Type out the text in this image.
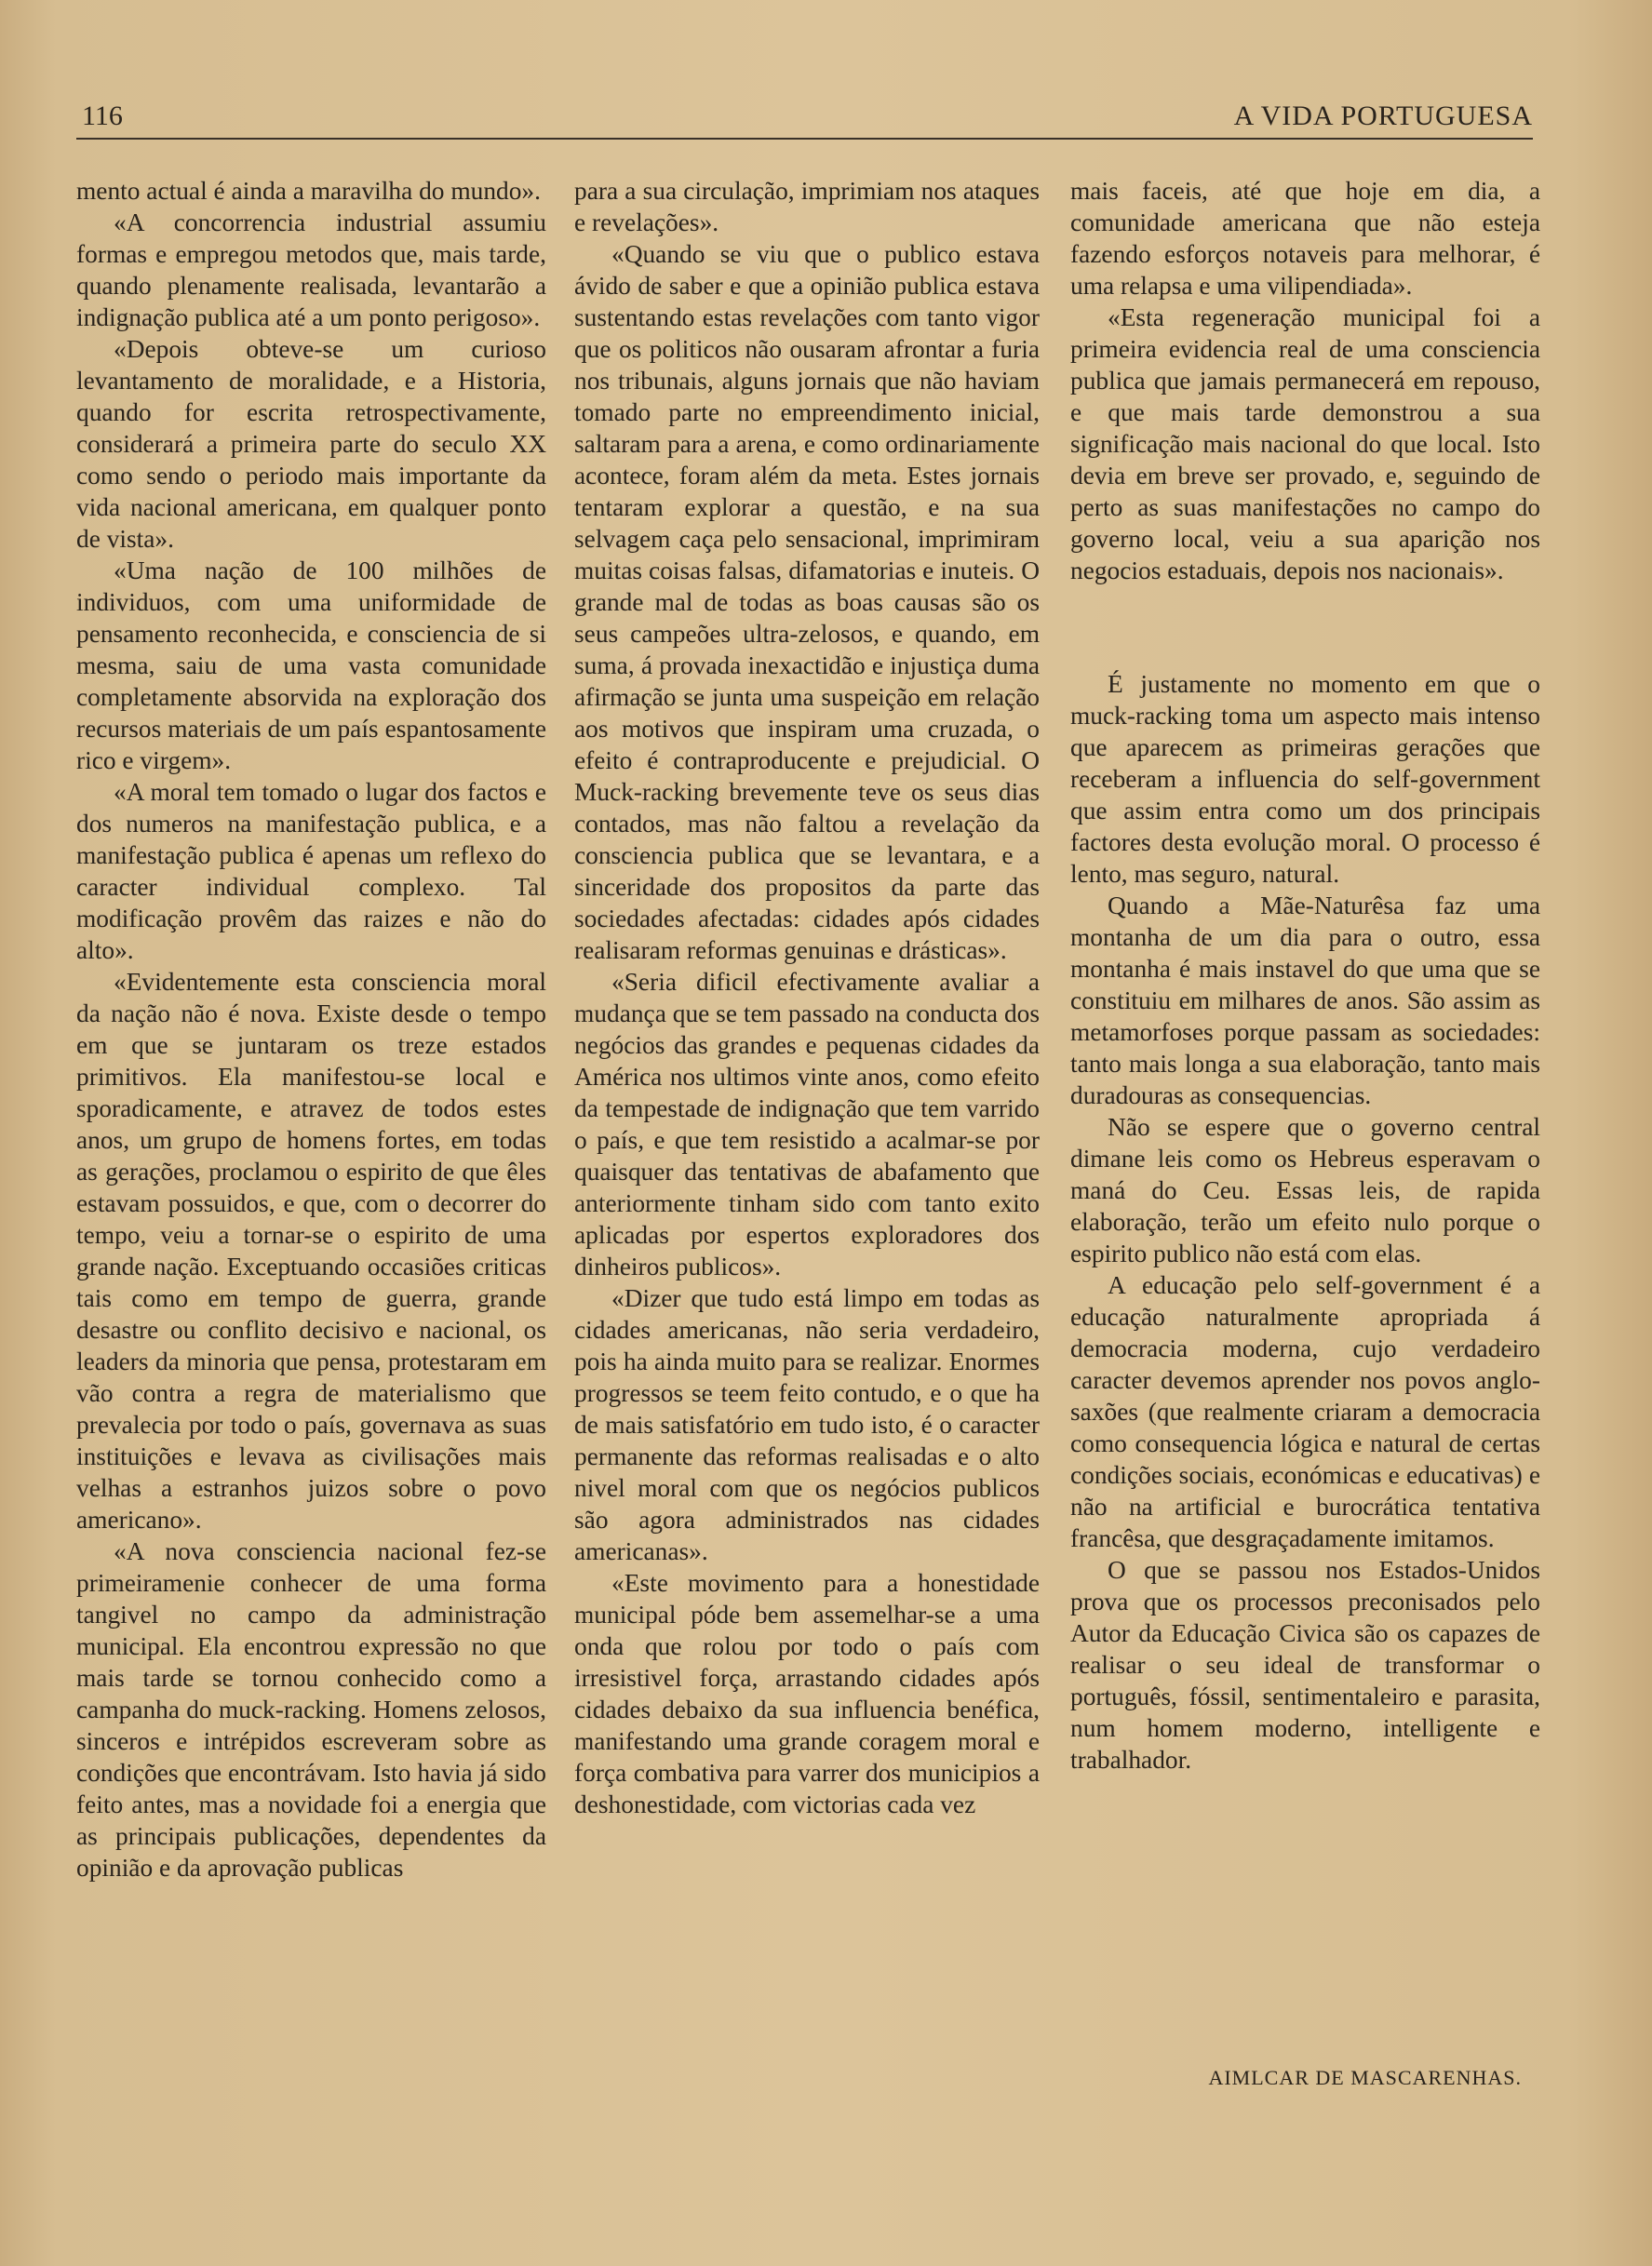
116	A VIDA PORTUGUESA

mento actual é ainda a maravilha do mundo».

«A concorrencia industrial assumiu formas e empregou metodos que, mais tarde, quando plenamente realisada, levantarão a indignação publica até a um ponto perigoso».

«Depois obteve-se um curioso levantamento de moralidade, e a Historia, quando for escrita retrospectivamente, considerará a primeira parte do seculo XX como sendo o periodo mais importante da vida nacional americana, em qualquer ponto de vista».

«Uma nação de 100 milhões de individuos, com uma uniformidade de pensamento reconhecida, e consciencia de si mesma, saiu de uma vasta comunidade completamente absorvida na exploração dos recursos materiais de um país espantosamente rico e virgem».

«A moral tem tomado o lugar dos factos e dos numeros na manifestação publica, e a manifestação publica é apenas um reflexo do caracter individual complexo. Tal modificação provêm das raizes e não do alto».

«Evidentemente esta consciencia moral da nação não é nova. Existe desde o tempo em que se juntaram os treze estados primitivos. Ela manifestou-se local e sporadicamente, e atravez de todos estes anos, um grupo de homens fortes, em todas as gerações, proclamou o espirito de que êles estavam possuidos, e que, com o decorrer do tempo, veiu a tornar-se o espirito de uma grande nação. Exceptuando occasiões criticas tais como em tempo de guerra, grande desastre ou conflito decisivo e nacional, os leaders da minoria que pensa, protestaram em vão contra a regra de materialismo que prevalecia por todo o país, governava as suas instituições e levava as civilisações mais velhas a estranhos juizos sobre o povo americano».

«A nova consciencia nacional fez-se primeiramenie conhecer de uma forma tangivel no campo da administração municipal. Ela encontrou expressão no que mais tarde se tornou conhecido como a campanha do muck-racking. Homens zelosos, sinceros e intrépidos escreveram sobre as condições que encontrávam. Isto havia já sido feito antes, mas a novidade foi a energia que as principais publicações, dependentes da opinião e da aprovação publicas

para a sua circulação, imprimiam nos ataques e revelações».

«Quando se viu que o publico estava ávido de saber e que a opinião publica estava sustentando estas revelações com tanto vigor que os politicos não ousaram afrontar a furia nos tribunais, alguns jornais que não haviam tomado parte no empreendimento inicial, saltaram para a arena, e como ordinariamente acontece, foram além da meta. Estes jornais tentaram explorar a questão, e na sua selvagem caça pelo sensacional, imprimiram muitas coisas falsas, difamatorias e inuteis. O grande mal de todas as boas causas são os seus campeões ultra-zelosos, e quando, em suma, á provada inexactidão e injustiça duma afirmação se junta uma suspeição em relação aos motivos que inspiram uma cruzada, o efeito é contraproducente e prejudicial. O Muck-racking brevemente teve os seus dias contados, mas não faltou a revelação da consciencia publica que se levantara, e a sinceridade dos propositos da parte das sociedades afectadas: cidades após cidades realisaram reformas genuinas e drásticas».

«Seria dificil efectivamente avaliar a mudança que se tem passado na conducta dos negócios das grandes e pequenas cidades da América nos ultimos vinte anos, como efeito da tempestade de indignação que tem varrido o país, e que tem resistido a acalmar-se por quaisquer das tentativas de abafamento que anteriormente tinham sido com tanto exito aplicadas por espertos exploradores dos dinheiros publicos».

«Dizer que tudo está limpo em todas as cidades americanas, não seria verdadeiro, pois ha ainda muito para se realizar. Enormes progressos se teem feito contudo, e o que ha de mais satisfatório em tudo isto, é o caracter permanente das reformas realisadas e o alto nivel moral com que os negócios publicos são agora administrados nas cidades americanas».

«Este movimento para a honestidade municipal póde bem assemelhar-se a uma onda que rolou por todo o país com irresistivel força, arrastando cidades após cidades debaixo da sua influencia benéfica, manifestando uma grande coragem moral e força combativa para varrer dos municipios a deshonestidade, com victorias cada vez

mais faceis, até que hoje em dia, a comunidade americana que não esteja fazendo esforços notaveis para melhorar, é uma relapsa e uma vilipendiada».

«Esta regeneração municipal foi a primeira evidencia real de uma consciencia publica que jamais permanecerá em repouso, e que mais tarde demonstrou a sua significação mais nacional do que local. Isto devia em breve ser provado, e, seguindo de perto as suas manifestações no campo do governo local, veiu a sua aparição nos negocios estaduais, depois nos nacionais».

É justamente no momento em que o muck-racking toma um aspecto mais intenso que aparecem as primeiras gerações que receberam a influencia do self-government que assim entra como um dos principais factores desta evolução moral. O processo é lento, mas seguro, natural.

Quando a Mãe-Naturêsa faz uma montanha de um dia para o outro, essa montanha é mais instavel do que uma que se constituiu em milhares de anos. São assim as metamorfoses porque passam as sociedades: tanto mais longa a sua elaboração, tanto mais duradouras as consequencias.

Não se espere que o governo central dimane leis como os Hebreus esperavam o maná do Ceu. Essas leis, de rapida elaboração, terão um efeito nulo porque o espirito publico não está com elas.

A educação pelo self-government é a educação naturalmente apropriada á democracia moderna, cujo verdadeiro caracter devemos aprender nos povos anglo-saxões (que realmente criaram a democracia como consequencia lógica e natural de certas condições sociais, económicas e educativas) e não na artificial e burocrática tentativa francêsa, que desgraçadamente imitamos.

O que se passou nos Estados-Unidos prova que os processos preconisados pelo Autor da Educação Civica são os capazes de realisar o seu ideal de transformar o português, fóssil, sentimentaleiro e parasita, num homem moderno, intelligente e trabalhador.

AIMLCAR DE MASCARENHAS.
